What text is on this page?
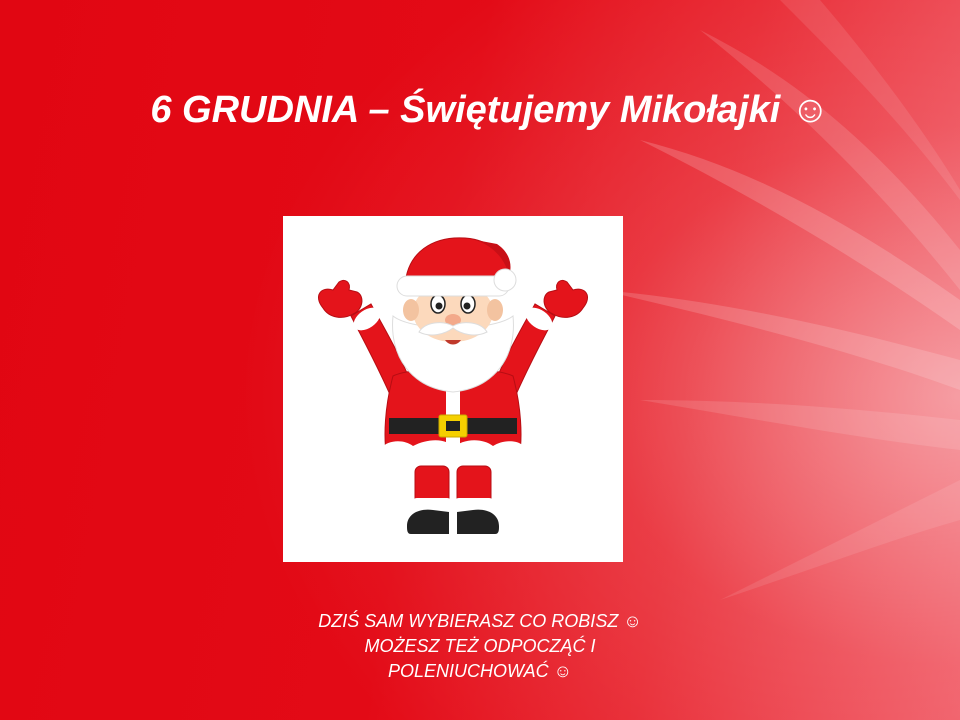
6 GRUDNIA – Świętujemy Mikołajki ☺

DZIŚ SAM WYBIERASZ CO ROBISZ ☺
MOŻESZ TEŻ ODPOCZĄĆ I
POLENIUCHOWAĆ ☺
